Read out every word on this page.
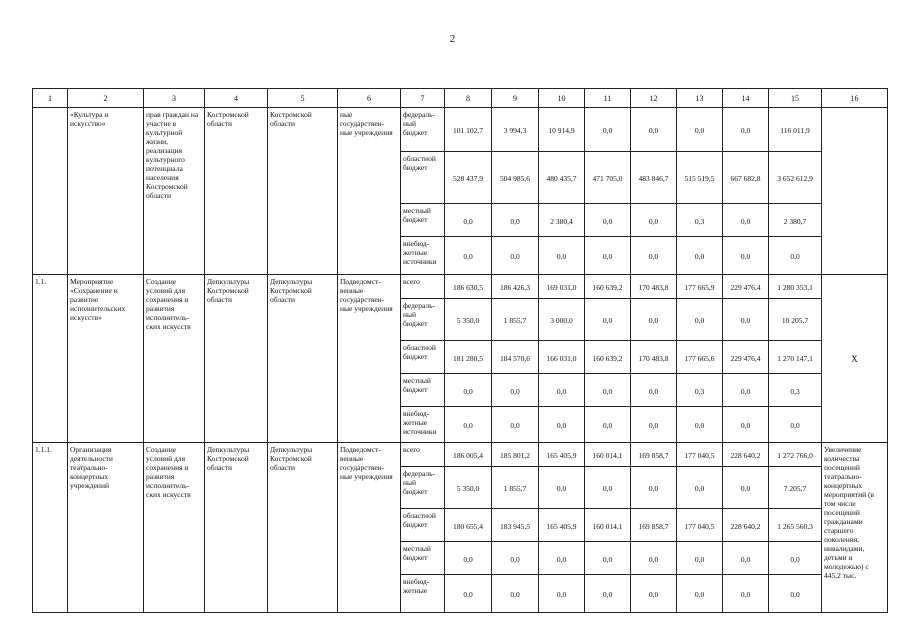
2
1	2	3	4	5	6	7	8	9	10	11	12	13	14	15	16
	«Культура и искусство»	прав граждан на участие в культурной жизни, реализация культурного потенциала населения Костромской области	Костромской области	Костромской области	ные государствен- ные учреждения	федераль- ный бюджет	101 102,7	3 994,3	10 914,9	0,0	0,0	0,0	0,0	116 011,9	
						областной бюджет	528 437,9	504 985,6	480 435,7	471 705,0	483 846,7	515 519,5	667 682,8	3 652 612,9	
						местный бюджет	0,0	0,0	2 380,4	0,0	0,0	0,3	0,0	2 380,7	
						внебюд- жетные источники	0,0	0,0	0,0	0,0	0,0	0,0	0,0	0,0	
1.1.	Мероприятие «Сохранение и развитие исполнительских искусств»	Создание условий для сохранения и развития исполнитель- ских искусств	Депкультуры Костромской области	Депкультуры Костромской области	Подведомст- венные государствен- ные учреждения	всего	186 630,5	186 426,3	169 031,0	160 639,2	170 483,8	177 665,9	229 476,4	1 280 353,1	Х
						федераль- ный бюджет	5 350,0	1 855,7	3 000,0	0,0	0,0	0,0	0,0	10 205,7	
						областной бюджет	181 280,5	184 570,6	166 031,0	160 639,2	170 483,8	177 665,6	229 476,4	1 270 147,1	
						местный бюджет	0,0	0,0	0,0	0,0	0,0	0,3	0,0	0,3	
						внебюд- жетные источники	0,0	0,0	0,0	0,0	0,0	0,0	0,0	0,0	
1.1.1.	Организация деятельности театрально- концертных учреждений	Создание условий для сохранения и развития исполнитель- ских искусств	Депкультуры Костромской области	Депкультуры Костромской области	Подведомст- венные государствен- ные учреждения	всего	186 005,4	185 801,2	165 405,9	160 014,1	169 858,7	177 040,5	228 640,2	1 272 766,0	Увеличение количества посещений театрально- концертных мероприятий (в том числе посещений гражданами старшего поколения, инвалидами, детьми и молодежью) с 445,2 тыс.
						федераль- ный бюджет	5 350,0	1 855,7	0,0	0,0	0,0	0,0	0,0	7 205,7	
						областной бюджет	180 655,4	183 945,5	165 405,9	160 014,1	169 858,7	177 040,5	228 640,2	1 265 560,3	
						местный бюджет	0,0	0,0	0,0	0,0	0,0	0,0	0,0	0,0	
						внебюд- жетные	0,0	0,0	0,0	0,0	0,0	0,0	0,0	0,0	
